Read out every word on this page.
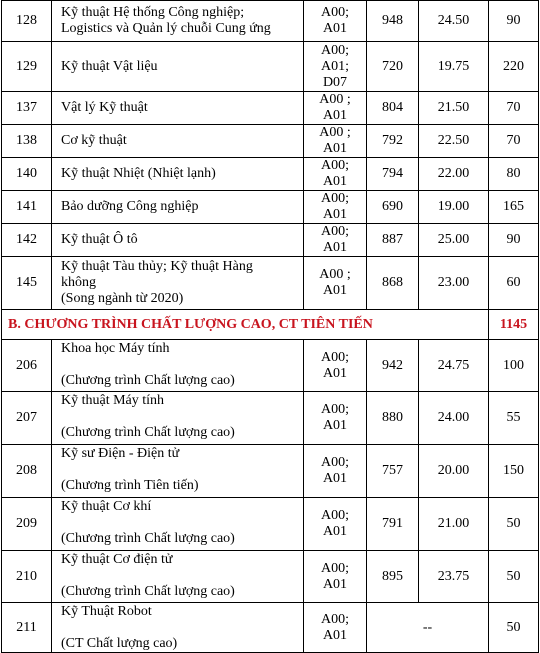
128	Kỹ thuật Hệ thống Công nghiệp;
Logistics và Quản lý chuỗi Cung ứng	A00;
A01	948	24.50	90
129	Kỹ thuật Vật liệu	A00;
A01;
D07	720	19.75	220
137	Vật lý Kỹ thuật	A00 ;
A01	804	21.50	70
138	Cơ kỹ thuật	A00 ;
A01	792	22.50	70
140	Kỹ thuật Nhiệt (Nhiệt lạnh)	A00;
A01	794	22.00	80
141	Bảo dưỡng Công nghiệp	A00;
A01	690	19.00	165
142	Kỹ thuật Ô tô	A00;
A01	887	25.00	90
145	Kỹ thuật Tàu thủy; Kỹ thuật Hàng
không
(Song ngành từ 2020)	A00 ;
A01	868	23.00	60
B. CHƯƠNG TRÌNH CHẤT LƯỢNG CAO, CT TIÊN TIẾN					1145
206	Khoa học Máy tính
(Chương trình Chất lượng cao)	A00;
A01	942	24.75	100
207	Kỹ thuật Máy tính
(Chương trình Chất lượng cao)	A00;
A01	880	24.00	55
208	Kỹ sư Điện - Điện tử
(Chương trình Tiên tiến)	A00;
A01	757	20.00	150
209	Kỹ thuật Cơ khí
(Chương trình Chất lượng cao)	A00;
A01	791	21.00	50
210	Kỹ thuật Cơ điện tử
(Chương trình Chất lượng cao)	A00;
A01	895	23.75	50
211	Kỹ Thuật Robot
(CT Chất lượng cao)	A00;
A01	--		50
